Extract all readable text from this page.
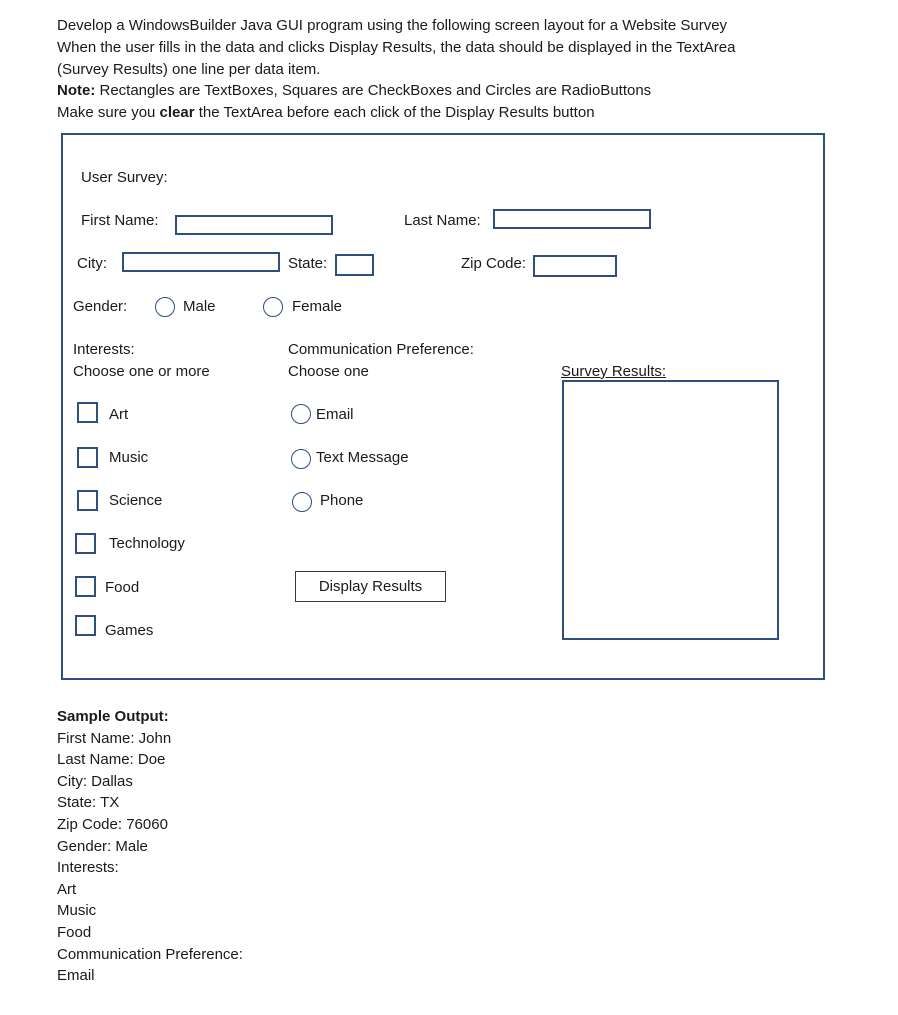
Develop a WindowsBuilder Java GUI program using the following screen layout for a Website Survey
When the user fills in the data and clicks Display Results, the data should be displayed in the TextArea
(Survey Results) one line per data item.
Note: Rectangles are TextBoxes, Squares are CheckBoxes and Circles are RadioButtons
Make sure you clear the TextArea before each click of the Display Results button
User Survey:
First Name:	Last Name:
City:	State:	Zip Code:
Gender:	Male	Female
Interests:
Choose one or more
Art
Music
Science
Technology
Food
Games
Communication Preference:
Choose one
Email
Text Message
Phone
Display Results
Survey Results:
Sample Output:
First Name: John
Last Name: Doe
City: Dallas
State: TX
Zip Code: 76060
Gender: Male
Interests:
Art
Music
Food
Communication Preference:
Email
